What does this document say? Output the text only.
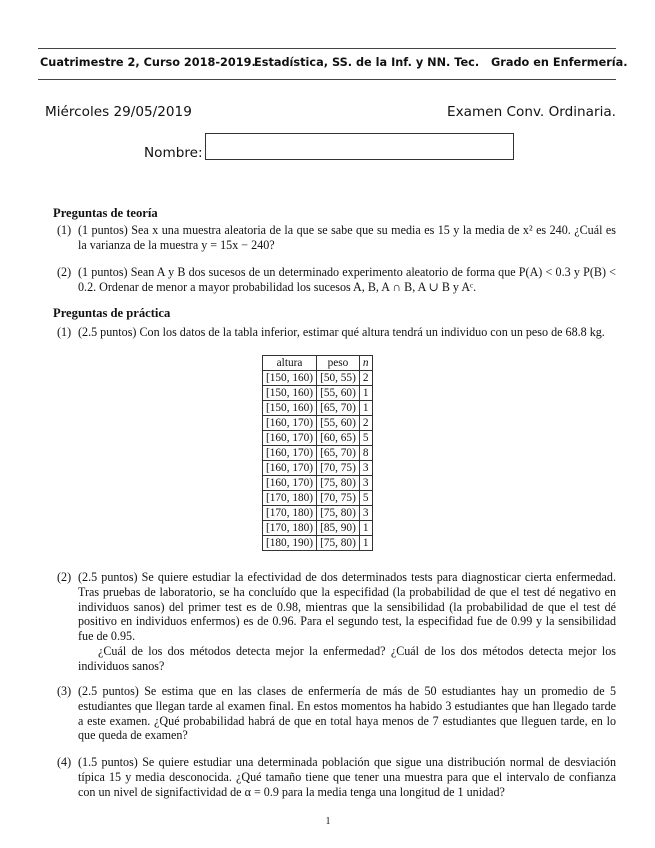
Cuatrimestre 2, Curso 2018-2019.
Estadística, SS. de la Inf. y NN. Tec. Grado en Enfermería.
Miércoles 29/05/2019	Examen Conv. Ordinaria.
Nombre:
Preguntas de teoría
(1) (1 puntos) Sea x una muestra aleatoria de la que se sabe que su media es 15 y la media de x² es 240. ¿Cuál es la varianza de la muestra y = 15x − 240?

(2) (1 puntos) Sean A y B dos sucesos de un determinado experimento aleatorio de forma que P(A) < 0.3 y P(B) < 0.2. Ordenar de menor a mayor probabilidad los sucesos A, B, A ∩ B, A ∪ B y Aᶜ.

Preguntas de práctica
(1) (2.5 puntos) Con los datos de la tabla inferior, estimar qué altura tendrá un individuo con un peso de 68.8 kg.

altura	peso	n
[150, 160)	[50, 55)	2
[150, 160)	[55, 60)	1
[150, 160)	[65, 70)	1
[160, 170)	[55, 60)	2
[160, 170)	[60, 65)	5
[160, 170)	[65, 70)	8
[160, 170)	[70, 75)	3
[160, 170)	[75, 80)	3
[170, 180)	[70, 75)	5
[170, 180)	[75, 80)	3
[170, 180)	[85, 90)	1
[180, 190)	[75, 80)	1
(2) (2.5 puntos) Se quiere estudiar la efectividad de dos determinados tests para diagnosticar cierta enfermedad. Tras pruebas de laboratorio, se ha concluído que la especifidad (la probabilidad de que el test dé negativo en individuos sanos) del primer test es de 0.98, mientras que la sensibilidad (la probabilidad de que el test dé positivo en individuos enfermos) es de 0.96. Para el segundo test, la especifidad fue de 0.99 y la sensibilidad fue de 0.95.

¿Cuál de los dos métodos detecta mejor la enfermedad? ¿Cuál de los dos métodos detecta mejor los individuos sanos?

(3) (2.5 puntos) Se estima que en las clases de enfermería de más de 50 estudiantes hay un promedio de 5 estudiantes que llegan tarde al examen final. En estos momentos ha habido 3 estudiantes que han llegado tarde a este examen. ¿Qué probabilidad habrá de que en total haya menos de 7 estudiantes que lleguen tarde, en lo que queda de examen?

(4) (1.5 puntos) Se quiere estudiar una determinada población que sigue una distribución normal de desviación típica 15 y media desconocida. ¿Qué tamaño tiene que tener una muestra para que el intervalo de confianza con un nivel de signifactividad de α = 0.9 para la media tenga una longitud de 1 unidad?

1
